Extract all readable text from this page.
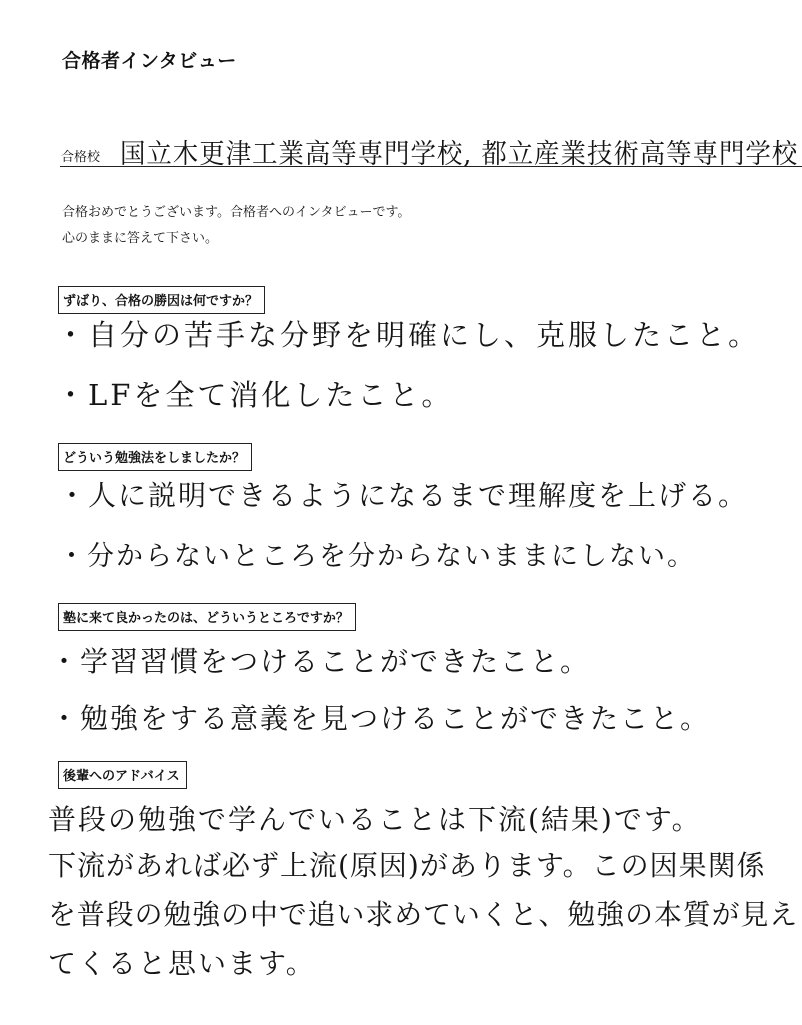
合格者インタビュー
合格校 国立木更津工業高等専門学校, 都立産業技術高等専門学校
合格おめでとうございます。合格者へのインタビューです。
心のままに答えて下さい。
ずばり、合格の勝因は何ですか？
・自分の苦手な分野を明確にし、克服したこと。
・LFを全て消化したこと。
どういう勉強法をしましたか？
・人に説明できるようになるまで理解度を上げる。
・分からないところを分からないままにしない。
塾に来て良かったのは、どういうところですか？
・学習習慣をつけることができたこと。
・勉強をする意義を見つけることができたこと。
後輩へのアドバイス
普段の勉強で学んでいることは下流(結果)です。
下流があれば必ず上流(原因)があります。この因果関係
を普段の勉強の中で追い求めていくと、勉強の本質が見え
てくると思います。
